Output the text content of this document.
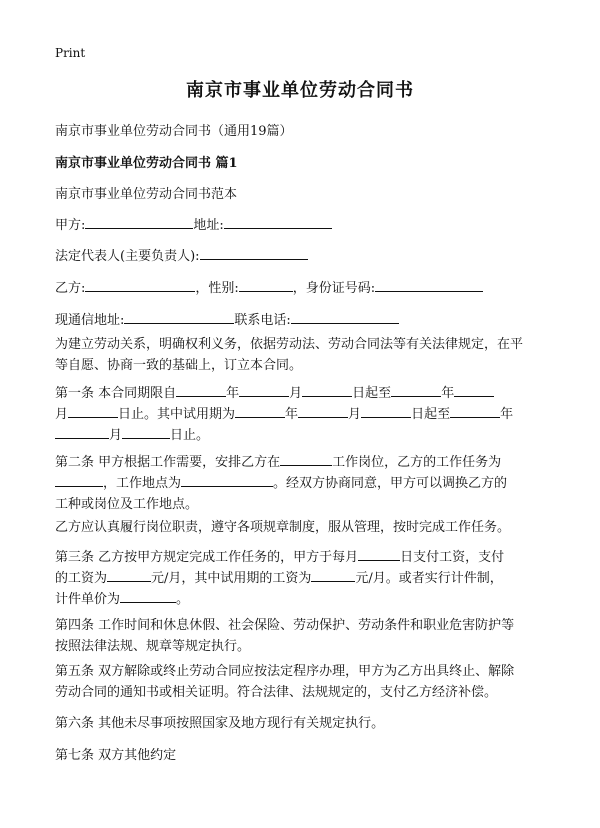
Print
南京市事业单位劳动合同书
南京市事业单位劳动合同书（通用19篇）
南京市事业单位劳动合同书 篇1
南京市事业单位劳动合同书范本
甲方:	地址:
法定代表人(主要负责人):
乙方:	，性别:	，身份证号码:
现通信地址:	联系电话:
为建立劳动关系，明确权利义务，依据劳动法、劳动合同法等有关法律规定，在平
等自愿、协商一致的基础上，订立本合同。
第一条 本合同期限自	年	月	日起至	年
月	日止。其中试用期为	年	月	日起至	年
月	日止。
第二条 甲方根据工作需要，安排乙方在	工作岗位，乙方的工作任务为
，工作地点为	。经双方协商同意，甲方可以调换乙方的
工种或岗位及工作地点。
乙方应认真履行岗位职责，遵守各项规章制度，服从管理，按时完成工作任务。
第三条 乙方按甲方规定完成工作任务的，甲方于每月	日支付工资，支付
的工资为	元/月，其中试用期的工资为	元/月。或者实行计件制，
计件单价为	。
第四条 工作时间和休息休假、社会保险、劳动保护、劳动条件和职业危害防护等
按照法律法规、规章等规定执行。
第五条 双方解除或终止劳动合同应按法定程序办理，甲方为乙方出具终止、解除
劳动合同的通知书或相关证明。符合法律、法规规定的，支付乙方经济补偿。
第六条 其他未尽事项按照国家及地方现行有关规定执行。
第七条 双方其他约定
